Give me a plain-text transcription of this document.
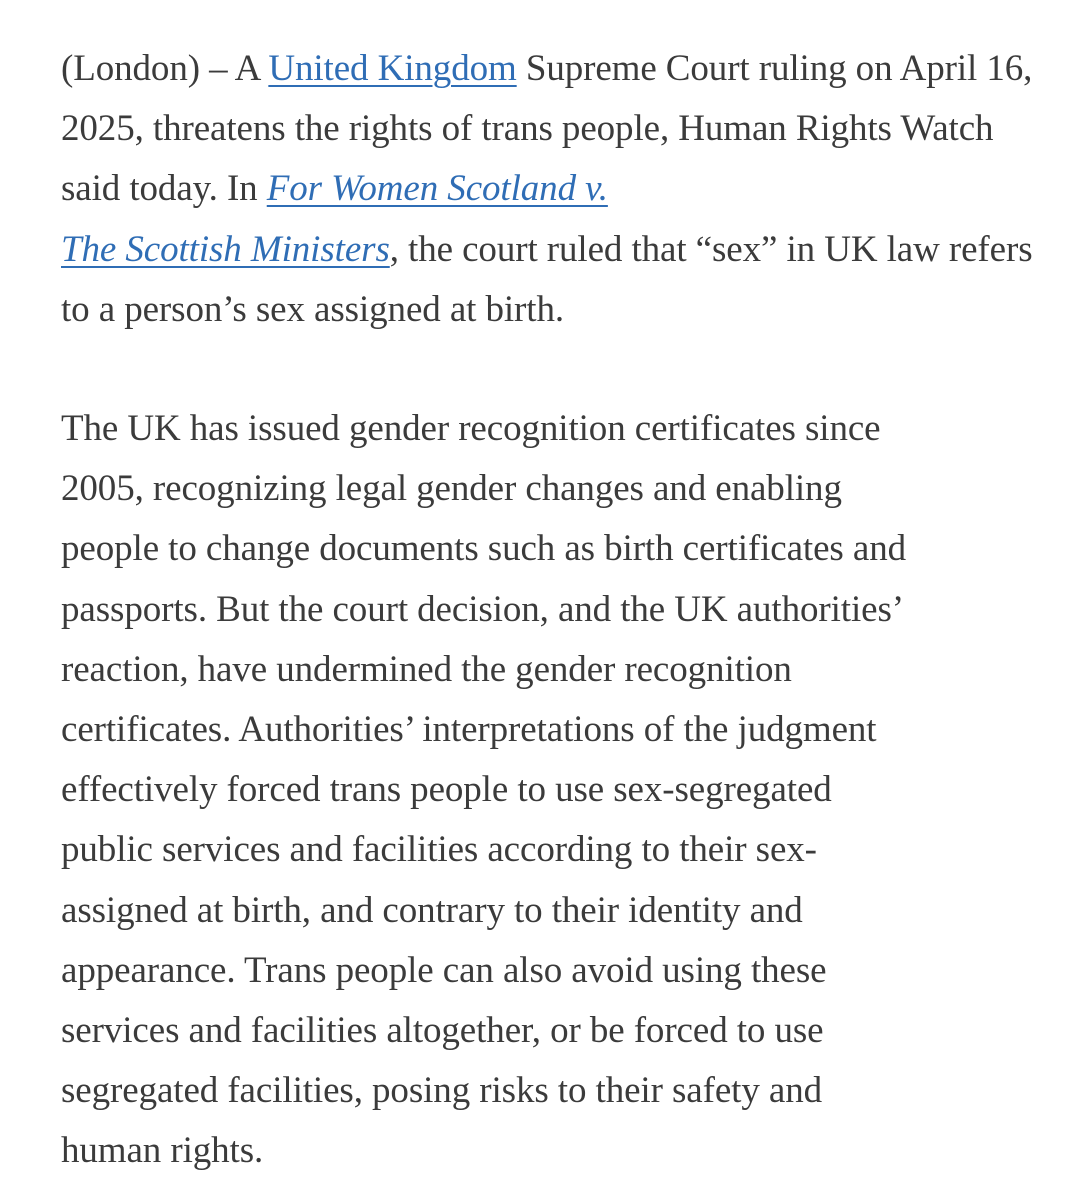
(London) – A United Kingdom Supreme Court ruling on April 16, 2025, threatens the rights of trans people, Human Rights Watch said today. In For Women Scotland v.
The Scottish Ministers, the court ruled that “sex” in UK law refers to a person’s sex assigned at birth.

The UK has issued gender recognition certificates since
2005, recognizing legal gender changes and enabling
people to change documents such as birth certificates and
passports. But the court decision, and the UK authorities’
reaction, have undermined the gender recognition
certificates. Authorities’ interpretations of the judgment
effectively forced trans people to use sex-segregated
public services and facilities according to their sex-
assigned at birth, and contrary to their identity and
appearance. Trans people can also avoid using these
services and facilities altogether, or be forced to use
segregated facilities, posing risks to their safety and
human rights.
